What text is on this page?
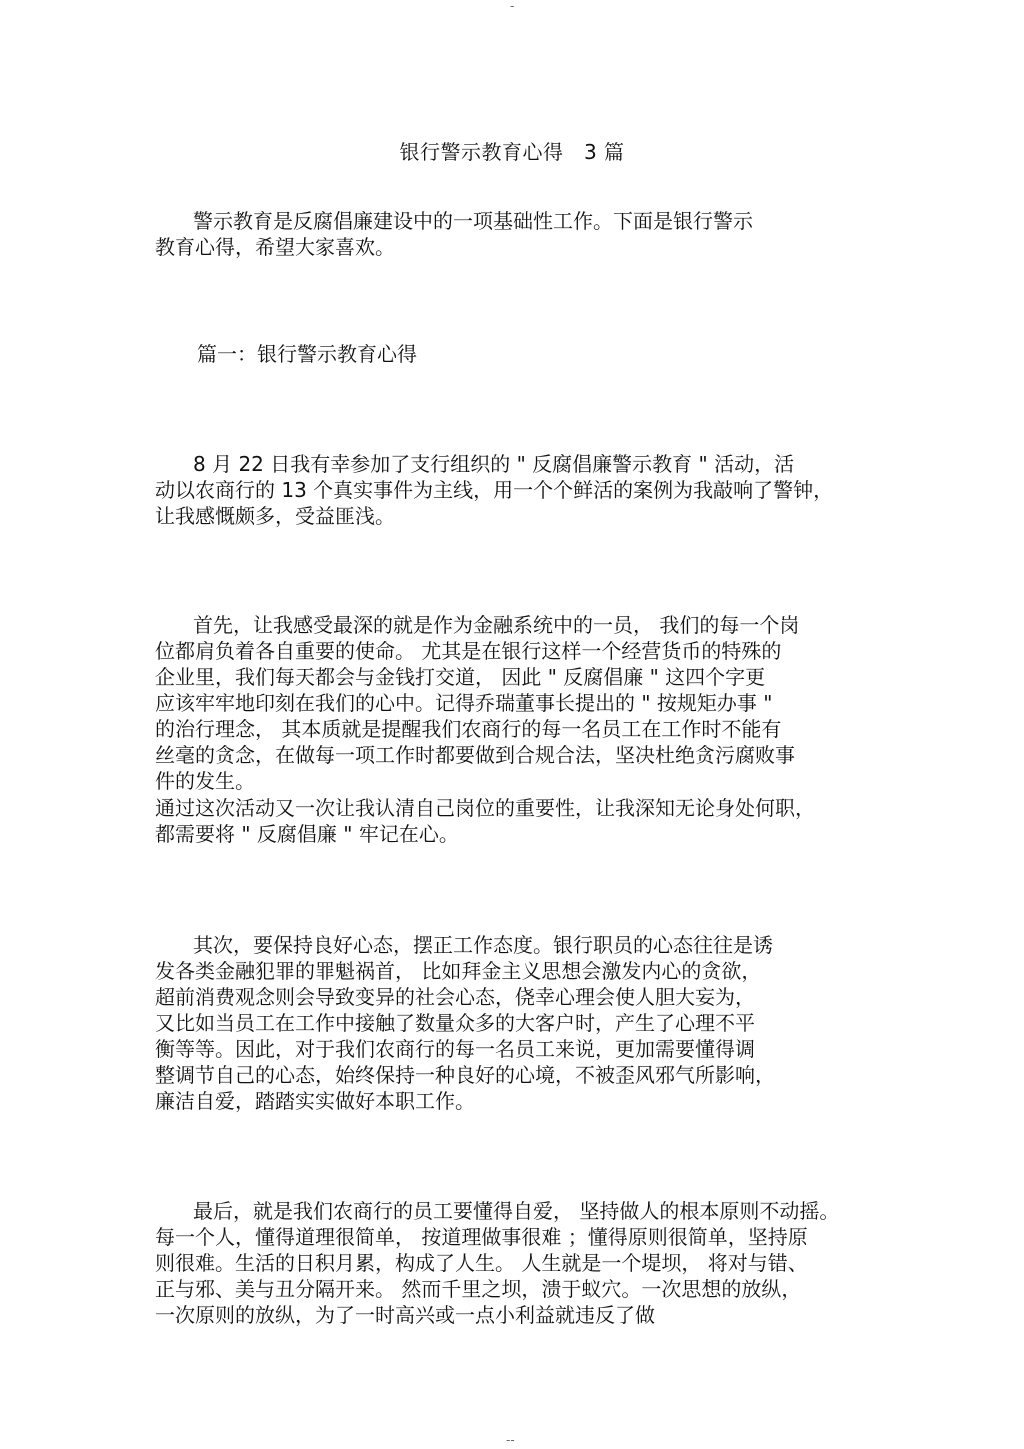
-
银行警示教育心得　3 篇
警示教育是反腐倡廉建设中的一项基础性工作。下面是银行警示
教育心得，希望大家喜欢。
篇一：银行警示教育心得
8 月 22 日我有幸参加了支行组织的 " 反腐倡廉警示教育 " 活动，活
动以农商行的 13 个真实事件为主线，用一个个鲜活的案例为我敲响了警钟，
让我感慨颇多，受益匪浅。
首先，让我感受最深的就是作为金融系统中的一员， 我们的每一个岗
位都肩负着各自重要的使命。 尤其是在银行这样一个经营货币的特殊的
企业里，我们每天都会与金钱打交道， 因此 " 反腐倡廉 " 这四个字更
应该牢牢地印刻在我们的心中。记得乔瑞董事长提出的 " 按规矩办事 "
的治行理念， 其本质就是提醒我们农商行的每一名员工在工作时不能有
丝毫的贪念，在做每一项工作时都要做到合规合法，坚决杜绝贪污腐败事
件的发生。
通过这次活动又一次让我认清自己岗位的重要性，让我深知无论身处何职，
都需要将 " 反腐倡廉 " 牢记在心。
其次，要保持良好心态，摆正工作态度。银行职员的心态往往是诱
发各类金融犯罪的罪魁祸首， 比如拜金主义思想会激发内心的贪欲，
超前消费观念则会导致变异的社会心态，侥幸心理会使人胆大妄为，
又比如当员工在工作中接触了数量众多的大客户时，产生了心理不平
衡等等。因此，对于我们农商行的每一名员工来说，更加需要懂得调
整调节自己的心态，始终保持一种良好的心境，不被歪风邪气所影响，
廉洁自爱，踏踏实实做好本职工作。
最后，就是我们农商行的员工要懂得自爱， 坚持做人的根本原则不动摇。
每一个人，懂得道理很简单， 按道理做事很难 ；懂得原则很简单，坚持原
则很难。生活的日积月累，构成了人生。 人生就是一个堤坝， 将对与错、
正与邪、美与丑分隔开来。 然而千里之坝，溃于蚁穴。一次思想的放纵，
一次原则的放纵，为了一时高兴或一点小利益就违反了做
--
